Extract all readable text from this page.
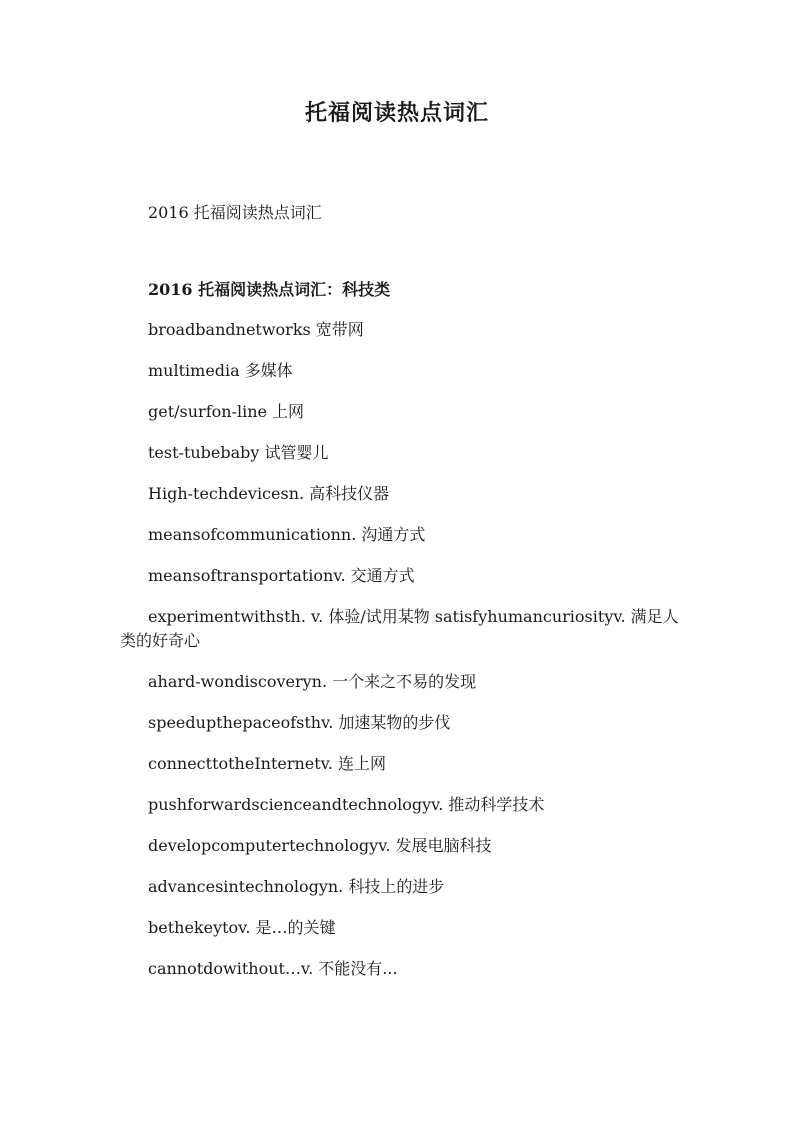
托福阅读热点词汇

2016 托福阅读热点词汇

2016 托福阅读热点词汇：科技类

broadbandnetworks 宽带网
multimedia 多媒体
get/surfon-line 上网
test-tubebaby 试管婴儿
High-techdevicesn. 高科技仪器
meansofcommunicationn. 沟通方式
meansoftransportationv. 交通方式
experimentwithsth. v. 体验/试用某物 satisfyhumancuriosityv. 满足人类的好奇心
ahard-wondiscoveryn. 一个来之不易的发现
speedupthepaceofsthv. 加速某物的步伐
connecttotheInternetv. 连上网
pushforwardscienceandtechnologyv. 推动科学技术
developcomputertechnologyv. 发展电脑科技
advancesintechnologyn. 科技上的进步
bethekeytov. 是…的关键
cannotdowithout…v. 不能没有...
